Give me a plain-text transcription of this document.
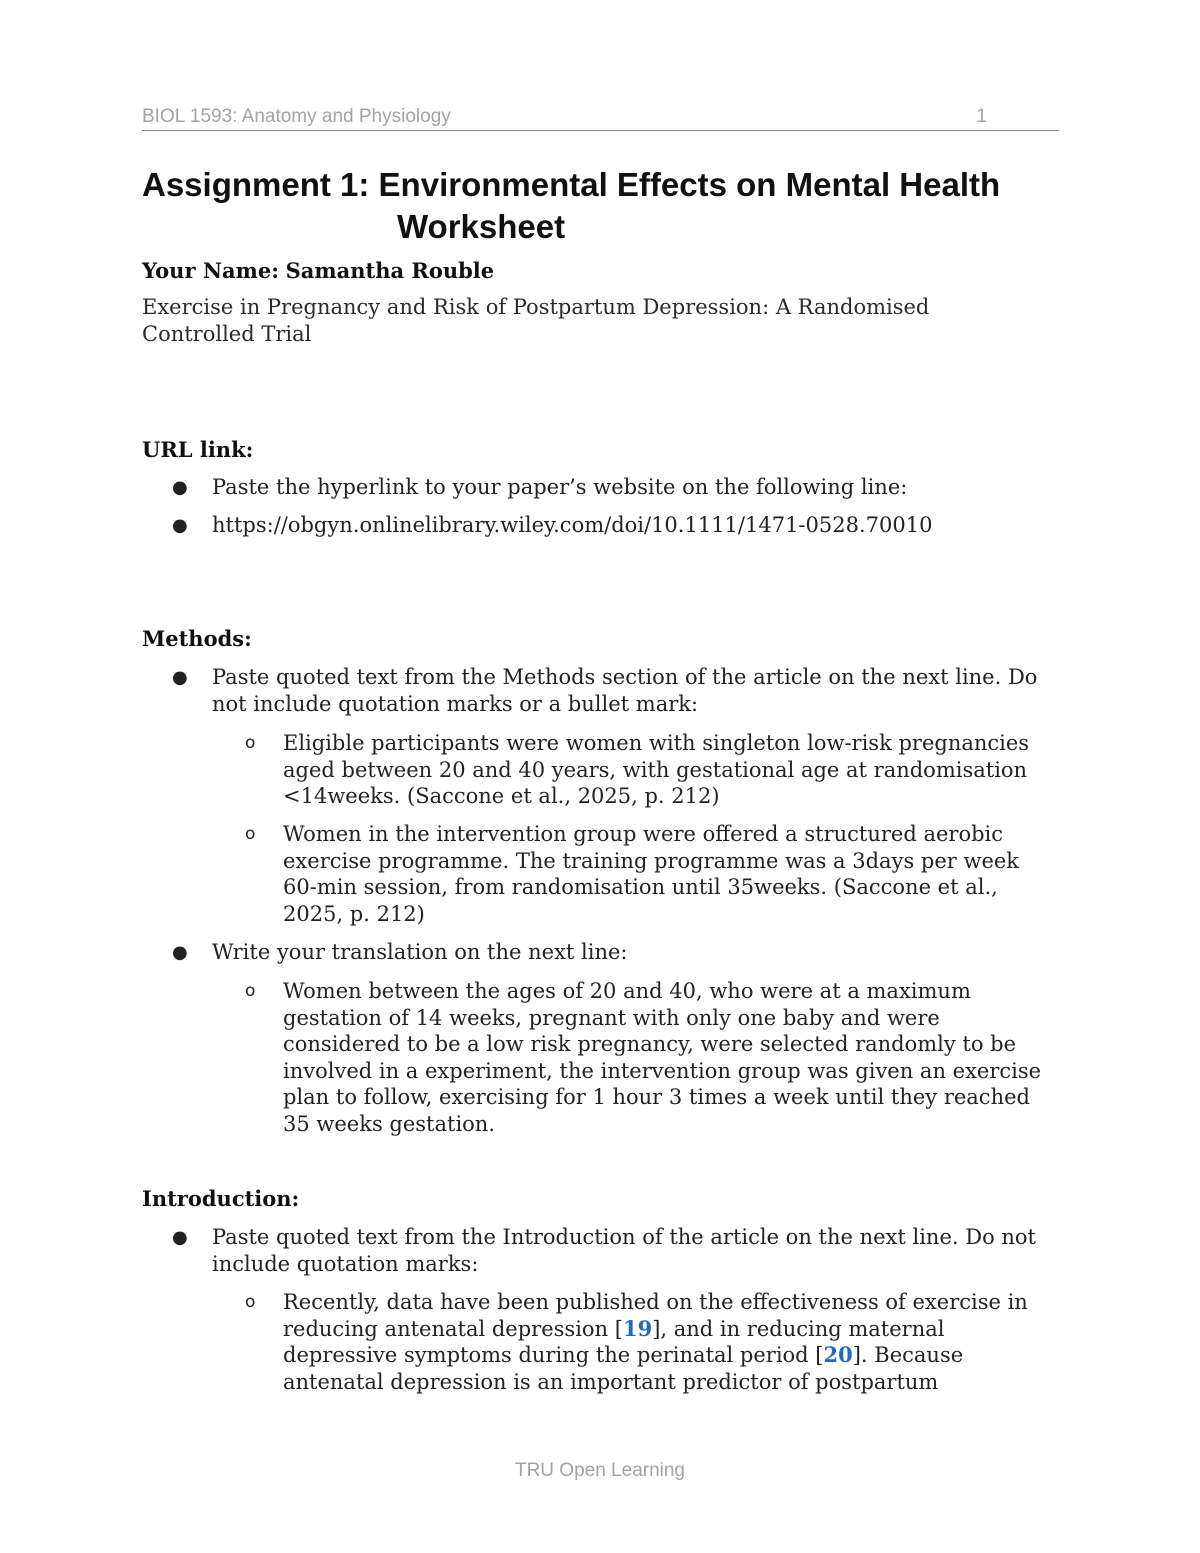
BIOL 1593: Anatomy and Physiology	1
Assignment 1: Environmental Effects on Mental Health
Worksheet
Your Name: Samantha Rouble
Exercise in Pregnancy and Risk of Postpartum Depression: A Randomised Controlled Trial
URL link:
● Paste the hyperlink to your paper’s website on the following line:
● https://obgyn.onlinelibrary.wiley.com/doi/10.1111/1471-0528.70010
Methods:
● Paste quoted text from the Methods section of the article on the next line. Do not include quotation marks or a bullet mark:
o Eligible participants were women with singleton low-risk pregnancies aged between 20 and 40 years, with gestational age at randomisation <14weeks. (Saccone et al., 2025, p. 212)
o Women in the intervention group were offered a structured aerobic exercise programme. The training programme was a 3days per week 60-min session, from randomisation until 35weeks. (Saccone et al., 2025, p. 212)
● Write your translation on the next line:
o Women between the ages of 20 and 40, who were at a maximum gestation of 14 weeks, pregnant with only one baby and were considered to be a low risk pregnancy, were selected randomly to be involved in a experiment, the intervention group was given an exercise plan to follow, exercising for 1 hour 3 times a week until they reached 35 weeks gestation.
Introduction:
● Paste quoted text from the Introduction of the article on the next line. Do not include quotation marks:
o Recently, data have been published on the effectiveness of exercise in reducing antenatal depression [19], and in reducing maternal depressive symptoms during the perinatal period [20]. Because antenatal depression is an important predictor of postpartum
TRU Open Learning
